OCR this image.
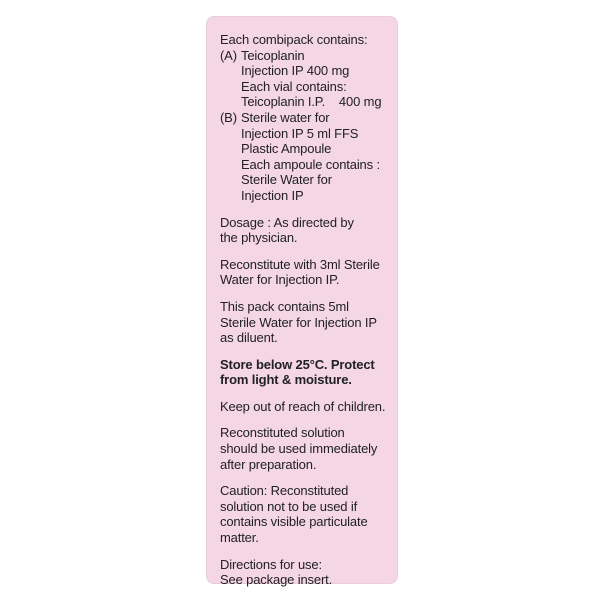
Each combipack contains:
(A) Teicoplanin
Injection IP 400 mg
Each vial contains:
Teicoplanin I.P.    400 mg
(B) Sterile water for
Injection IP 5 ml FFS
Plastic Ampoule
Each ampoule contains :
Sterile Water for
Injection IP
Dosage : As directed by
the physician.
Reconstitute with 3ml Sterile
Water for Injection IP.
This pack contains 5ml
Sterile Water for Injection IP
as diluent.
Store below 25°C. Protect
from light & moisture.
Keep out of reach of children.
Reconstituted solution
should be used immediately
after preparation.
Caution: Reconstituted
solution not to be used if
contains visible particulate
matter.
Directions for use:
See package insert.
